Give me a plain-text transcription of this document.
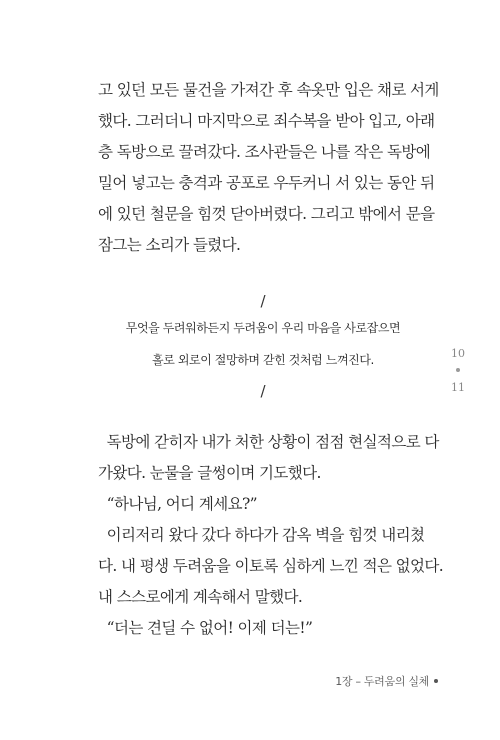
고 있던 모든 물건을 가져간 후 속옷만 입은 채로 서게
했다. 그러더니 마지막으로 죄수복을 받아 입고, 아래
층 독방으로 끌려갔다. 조사관들은 나를 작은 독방에
밀어 넣고는 충격과 공포로 우두커니 서 있는 동안 뒤
에 있던 철문을 힘껏 닫아버렸다. 그리고 밖에서 문을
잠그는 소리가 들렸다.
/
무엇을 두려워하든지 두려움이 우리 마음을 사로잡으면
홀로 외로이 절망하며 갇힌 것처럼 느껴진다.
/
10
11
독방에 갇히자 내가 처한 상황이 점점 현실적으로 다
가왔다. 눈물을 글썽이며 기도했다.
“하나님, 어디 계세요?”
이리저리 왔다 갔다 하다가 감옥 벽을 힘껏 내리쳤
다. 내 평생 두려움을 이토록 심하게 느낀 적은 없었다.
내 스스로에게 계속해서 말했다.
“더는 견딜 수 없어! 이제 더는!”
1장 – 두려움의 실체
